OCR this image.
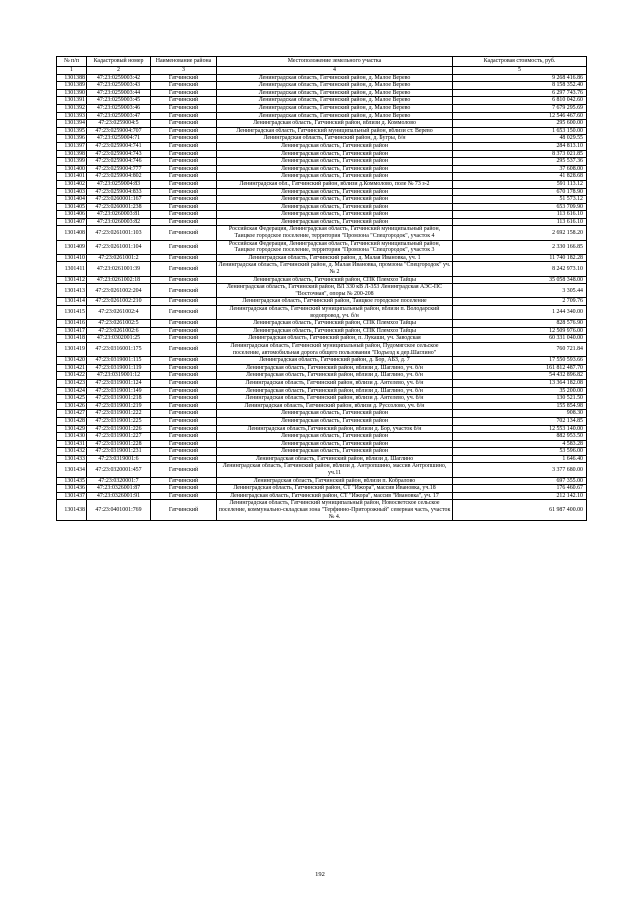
№ п/п	Кадастровый номер	Наименование района	Местоположение земельного участка	Кадастровая стоимость, руб.
1	2	3	4	5
1301388	47:23:0259003:42	Гатчинский	Ленинградская область, Гатчинский район, д. Малое Верево	9 268 416.86
1301389	47:23:0259003:43	Гатчинский	Ленинградская область, Гатчинский район, д. Малое Верево	8 158 352.40
1301390	47:23:0259003:44	Гатчинский	Ленинградская область, Гатчинский район, д. Малое Верево	6 297 743.76
1301391	47:23:0259003:45	Гатчинский	Ленинградская область, Гатчинский район, д. Малое Верево	6 810 042.60
1301392	47:23:0259003:46	Гатчинский	Ленинградская область, Гатчинский район, д. Малое Верево	7 679 295.69
1301393	47:23:0259003:47	Гатчинский	Ленинградская область, Гатчинский район, д. Малое Верево	12 546 467.60
1301394	47:23:0259004:5	Гатчинский	Ленинградская область, Гатчинский район, вблизи д. Коммолово	295 600.00
1301395	47:23:0259004:707	Гатчинский	Ленинградская область, Гатчинский муниципальный район, вблизи ст. Верево	1 653 150.00
1301396	47:23:0259004:71	Гатчинский	Ленинградская область, Гатчинский район, д. Бугры, б/н	48 029.55
1301397	47:23:0259004:741	Гатчинский	Ленинградская область, Гатчинский район	284 813.10
1301398	47:23:0259004:743	Гатчинский	Ленинградская область, Гатчинский район	8 373 021.85
1301399	47:23:0259004:746	Гатчинский	Ленинградская область, Гатчинский район	295 537.36
1301400	47:23:0259004:777	Гатчинский	Ленинградская область, Гатчинский район	37 608.00
1301401	47:23:0259004:802	Гатчинский	Ленинградская область, Гатчинский район	41 828.68
1301402	47:23:0259004:83	Гатчинский	Ленинградская обл., Гатчинский район, вблизи д.Коммолово, поле № 73 з-2	591 113.12
1301403	47:23:0259004:833	Гатчинский	Ленинградская область, Гатчинский район	670 178.90
1301404	47:23:0260001:167	Гатчинский	Ленинградская область, Гатчинский район	51 573.12
1301405	47:23:0260001:238	Гатчинский	Ленинградская область, Гатчинский район	653 709.90
1301406	47:23:0260003:81	Гатчинский	Ленинградская область, Гатчинский район	113 616.10
1301407	47:23:0260003:82	Гатчинский	Ленинградская область, Гатчинский район	113 616.10
1301408	47:23:0261001:103	Гатчинский	Российская Федерация, Ленинградская область, Гатчинский муниципальный район, Таицкое городское поселение, территория "Промзона "Спецгородок", участок 4	2 692 158.20
1301409	47:23:0261001:104	Гатчинский	Российская Федерация, Ленинградская область, Гатчинский муниципальный район, Таицкое городское поселение, территория "Промзона "Спецгородок", участок 3	2 330 166.85
1301410	47:23:0261001:2	Гатчинский	Ленинградская область, Гатчинский район, д. Малая Ивановка, уч. 1	11 740 182.28
1301411	47:23:0261001:39	Гатчинский	Ленинградская область, Гатчинский район, д. Малая Ивановка, промзона "Спецгородок" уч. № 2	8 242 973.10
1301412	47:23:0261002:18	Гатчинский	Ленинградская область, Гатчинский район, СПК Племхоз Тайцы	35 058 348.00
1301413	47:23:0261002:204	Гатчинский	Ленинградская область, Гатчинский район, ВЛ 330 кВ Л-353 Ленинградская АЭС-ПС "Восточная", опоры № 200-208	3 305.44
1301414	47:23:0261002:210	Гатчинский	Ленинградская область, Гатчинский район, Таицкое городское поселение	2 709.76
1301415	47:23:0261002:4	Гатчинский	Ленинградская область, Гатчинский муниципальный район, вблизи п. Володарский водопровод, уч. б/н	1 244 340.00
1301416	47:23:0261002:5	Гатчинский	Ленинградская область, Гатчинский район, СПК Племхоз Тайцы	828 576.90
1301417	47:23:0261002:6	Гатчинский	Ленинградская область, Гатчинский район, СПК Племхоз Тайцы	12 509 976.00
1301418	47:23:0302001:25	Гатчинский	Ленинградская область, Гатчинский район, п. Лукаши, уч. Заводская	60 331 040.00
1301419	47:23:0316001:175	Гатчинский	Ленинградская область, Гатчинский муниципальный район, Пудомягское сельское поселение, автомобильная дорога общего пользования "Подъезд к дер.Шаглино"	760 721.84
1301420	47:23:0319001:115	Гатчинский	Ленинградская область, Гатчинский район, д. Бор, АБЗ, д. 7	17 550 593.66
1301421	47:23:0319001:119	Гатчинский	Ленинградская область, Гатчинский район, вблизи д. Шаглино, уч. б/н	161 812 487.70
1301422	47:23:0319001:12	Гатчинский	Ленинградская область, Гатчинский район, вблизи д. Шаглино, уч. б/н	54 432 896.82
1301423	47:23:0319001:124	Гатчинский	Ленинградская область, Гатчинский район, вблизи д. Антелево, уч. б/н	13 364 182.08
1301424	47:23:0319001:149	Гатчинский	Ленинградская область, Гатчинский район, вблизи д. Шаглино, уч. б/н	35 200.00
1301425	47:23:0319001:218	Гатчинский	Ленинградская область, Гатчинский район, вблизи д. Антелево, уч. б/н	130 521.50
1301426	47:23:0319001:219	Гатчинский	Ленинградская область, Гатчинский район, вблизи д. Руссолово, уч. б/н	155 854.98
1301427	47:23:0319001:222	Гатчинский	Ленинградская область, Гатчинский район	908.30
1301428	47:23:0319001:225	Гатчинский	Ленинградская область, Гатчинский район	702 134.85
1301429	47:23:0319001:226	Гатчинский	Ленинградская область,Гатчинский район, вблизи д. Бор, участок б/н	12 553 140.00
1301430	47:23:0319001:227	Гатчинский	Ленинградская область, Гатчинский район	882 953.50
1301431	47:23:0319001:228	Гатчинский	Ленинградская область, Гатчинский район	4 583.28
1301432	47:23:0319001:231	Гатчинский	Ленинградская область, Гатчинский район	53 596.00
1301433	47:23:0319001:6	Гатчинский	Ленинградская область, Гатчинский район, вблизи д. Шаглино	1 646.40
1301434	47:23:0320001:457	Гатчинский	Ленинградская область, Гатчинский район, вблизи д. Антропшино, массив Антропшино, уч.11	3 377 680.00
1301435	47:23:0320001:7	Гатчинский	Ленинградская область, Гатчинский район, вблизи п. Кобралово	697 355.00
1301436	47:23:0326001:87	Гатчинский	Ленинградская область, Гатчинский район, СТ "Ижора", массив Ивановка, уч.18	176 460.67
1301437	47:23:0326001:91	Гатчинский	Ленинградская область, Гатчинский район, СТ "Ижора", массив "Ивановка", уч. 17	212 142.10
1301438	47:23:0401001:769	Гатчинский	Ленинградская область, Гатчинский муниципальный район, Новосветское сельское поселение, коммунально-складская зона "Терфинно-Приторожный" северная часть, участок № 4.	61 987 400.00
192
